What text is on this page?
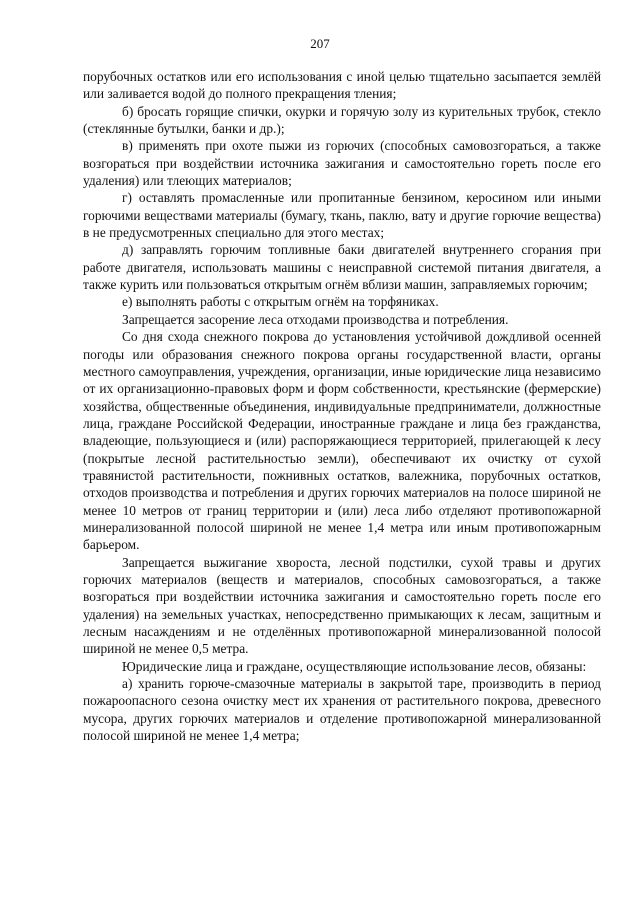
207

порубочных остатков или его использования с иной целью тщательно засыпается землёй или заливается водой до полного прекращения тления;

б) бросать горящие спички, окурки и горячую золу из курительных трубок, стекло (стеклянные бутылки, банки и др.);

в) применять при охоте пыжи из горючих (способных самовозгораться, а также возгораться при воздействии источника зажигания и самостоятельно гореть после его удаления) или тлеющих материалов;

г) оставлять промасленные или пропитанные бензином, керосином или иными горючими веществами материалы (бумагу, ткань, паклю, вату и другие горючие вещества) в не предусмотренных специально для этого местах;

д) заправлять горючим топливные баки двигателей внутреннего сгорания при работе двигателя, использовать машины с неисправной системой питания двигателя, а также курить или пользоваться открытым огнём вблизи машин, заправляемых горючим;

е) выполнять работы с открытым огнём на торфяниках.

Запрещается засорение леса отходами производства и потребления.

Со дня схода снежного покрова до установления устойчивой дождливой осенней погоды или образования снежного покрова органы государственной власти, органы местного самоуправления, учреждения, организации, иные юридические лица независимо от их организационно-правовых форм и форм собственности, крестьянские (фермерские) хозяйства, общественные объединения, индивидуальные предприниматели, должностные лица, граждане Российской Федерации, иностранные граждане и лица без гражданства, владеющие, пользующиеся и (или) распоряжающиеся территорией, прилегающей к лесу (покрытые лесной растительностью земли), обеспечивают их очистку от сухой травянистой растительности, пожнивных остатков, валежника, порубочных остатков, отходов производства и потребления и других горючих материалов на полосе шириной не менее 10 метров от границ территории и (или) леса либо отделяют противопожарной минерализованной полосой шириной не менее 1,4 метра или иным противопожарным барьером.

Запрещается выжигание хвороста, лесной подстилки, сухой травы и других горючих материалов (веществ и материалов, способных самовозгораться, а также возгораться при воздействии источника зажигания и самостоятельно гореть после его удаления) на земельных участках, непосредственно примыкающих к лесам, защитным и лесным насаждениям и не отделённых противопожарной минерализованной полосой шириной не менее 0,5 метра.

Юридические лица и граждане, осуществляющие использование лесов, обязаны:

а) хранить горюче-смазочные материалы в закрытой таре, производить в период пожароопасного сезона очистку мест их хранения от растительного покрова, древесного мусора, других горючих материалов и отделение противопожарной минерализованной полосой шириной не менее 1,4 метра;
